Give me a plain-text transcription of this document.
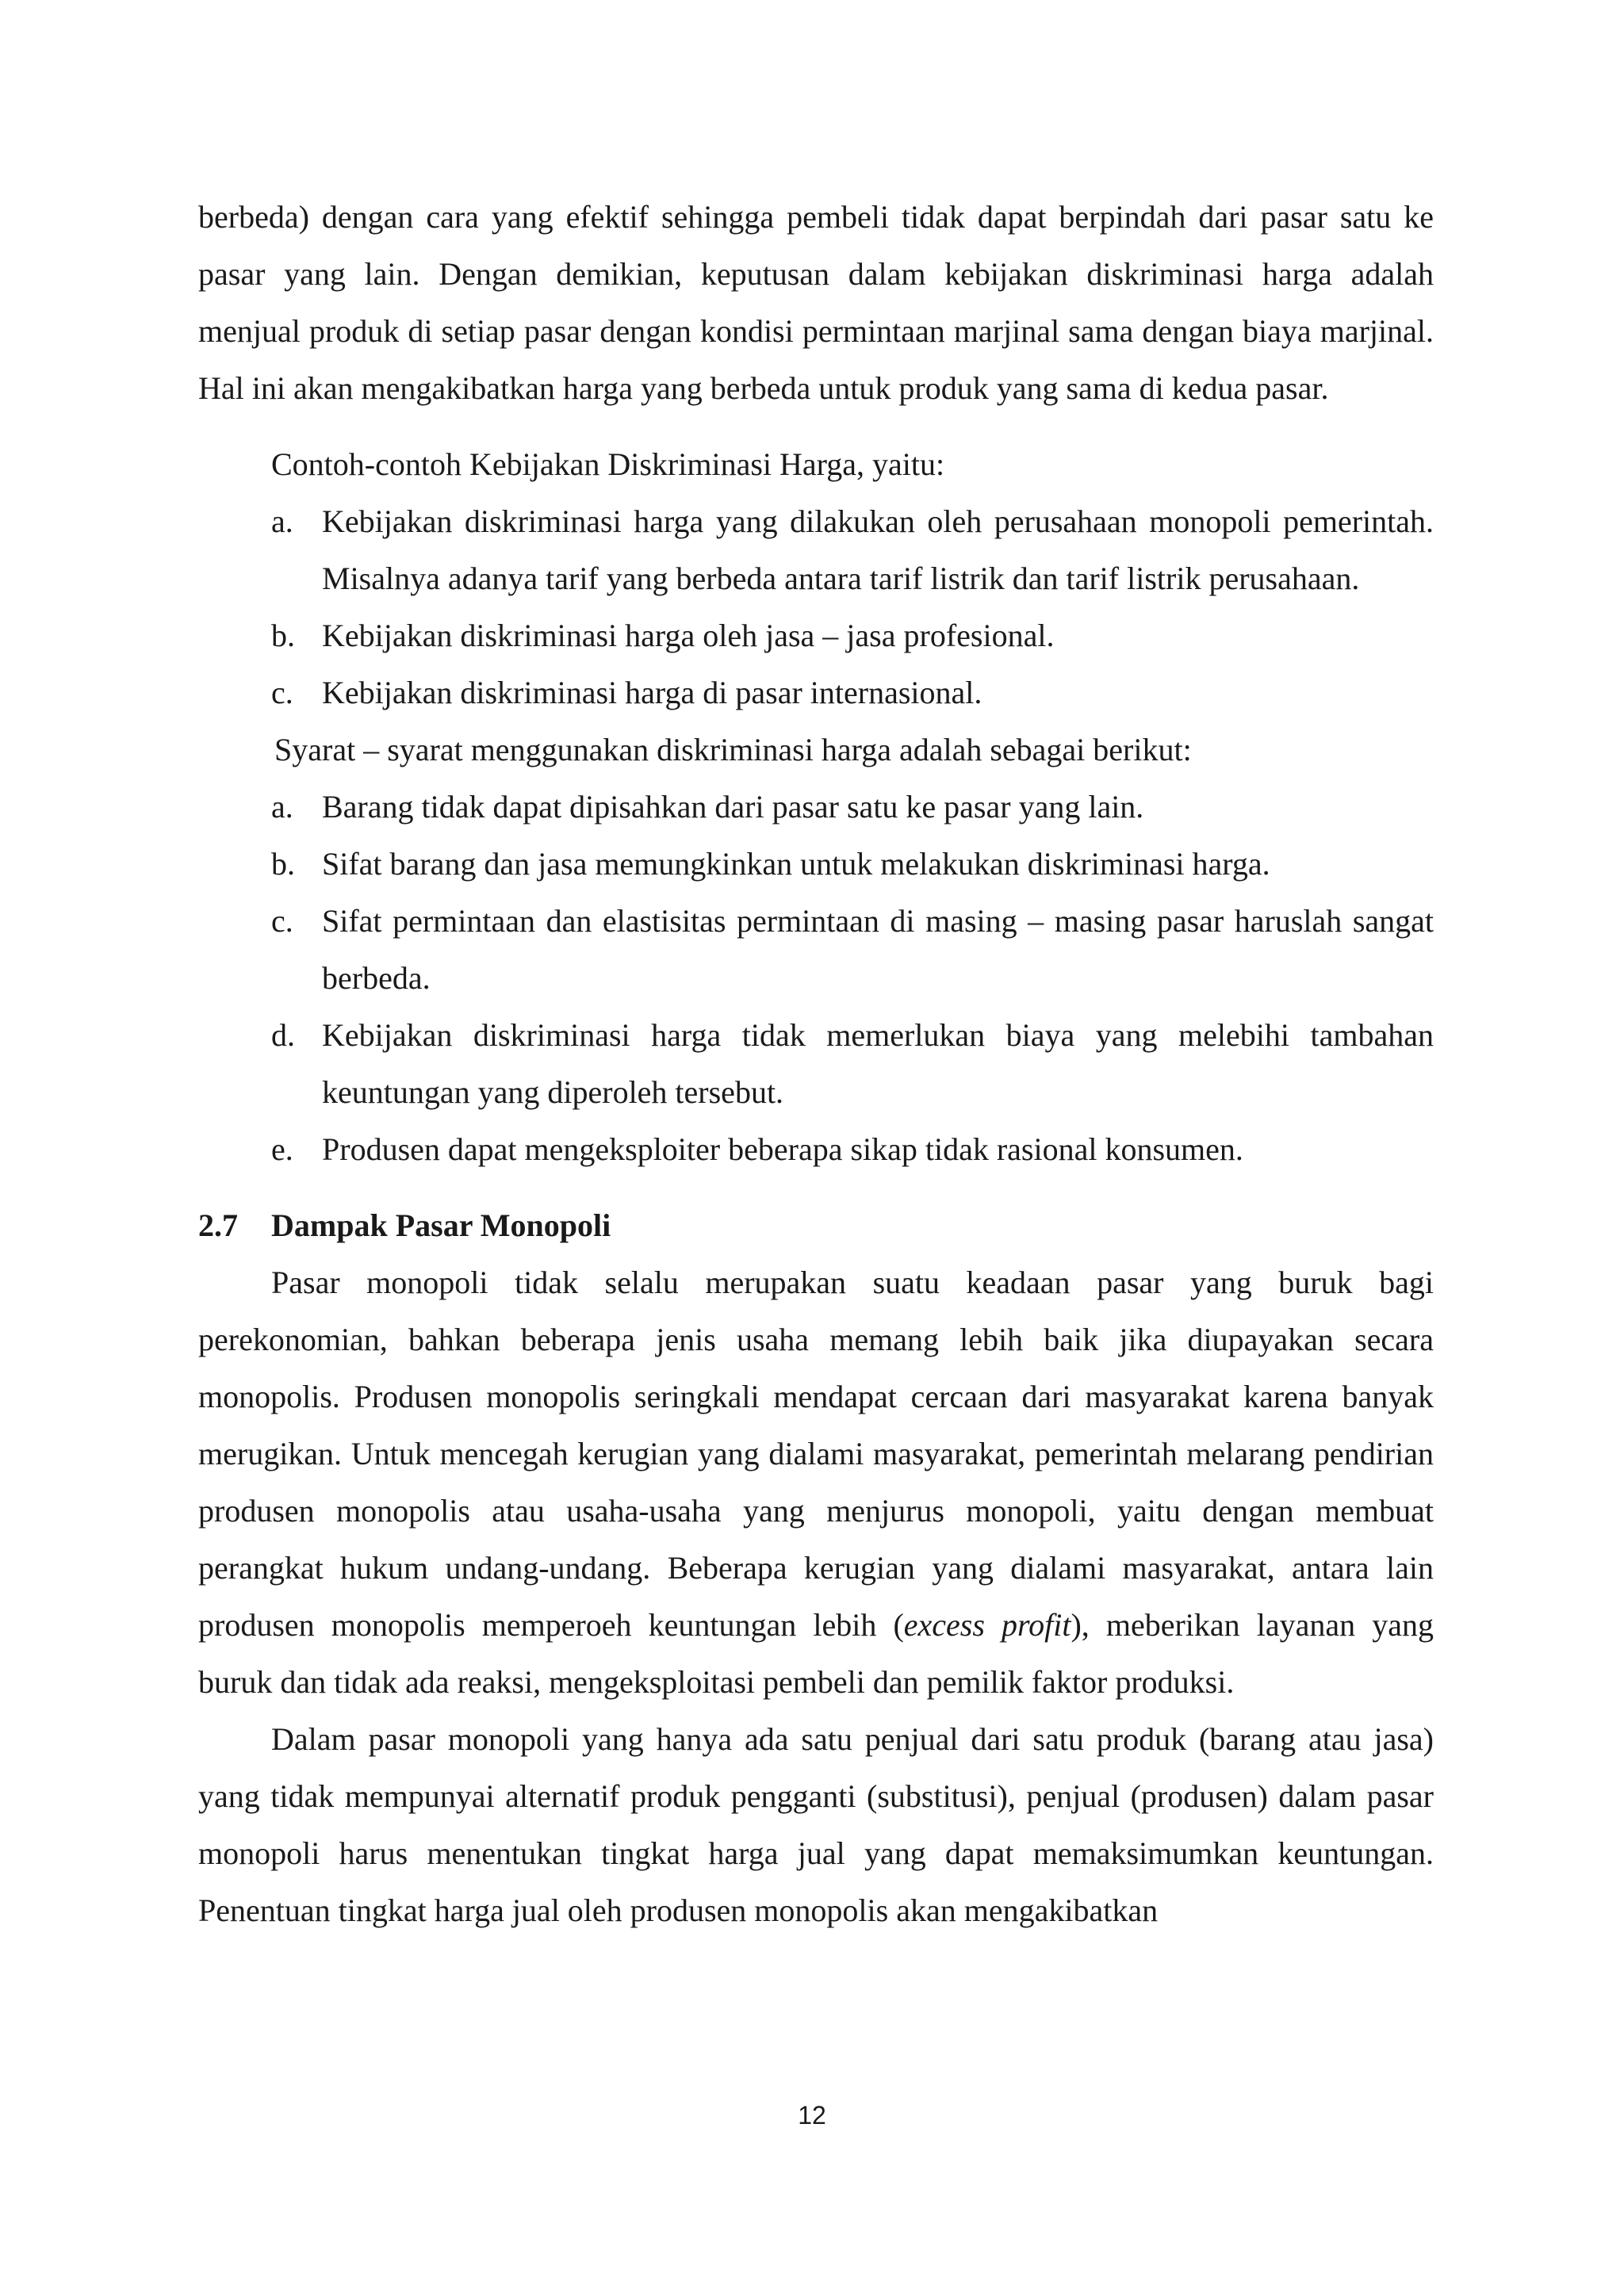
berbeda) dengan cara yang efektif sehingga pembeli tidak dapat berpindah dari pasar satu ke pasar yang lain. Dengan demikian, keputusan dalam kebijakan diskriminasi harga adalah menjual produk di setiap pasar dengan kondisi permintaan marjinal sama dengan biaya marjinal. Hal ini akan mengakibatkan harga yang berbeda untuk produk yang sama di kedua pasar.

Contoh-contoh Kebijakan Diskriminasi Harga, yaitu:

a. Kebijakan diskriminasi harga yang dilakukan oleh perusahaan monopoli pemerintah. Misalnya adanya tarif yang berbeda antara tarif listrik dan tarif listrik perusahaan.
b. Kebijakan diskriminasi harga oleh jasa – jasa profesional.
c. Kebijakan diskriminasi harga di pasar internasional.

Syarat – syarat menggunakan diskriminasi harga adalah sebagai berikut:

a. Barang tidak dapat dipisahkan dari pasar satu ke pasar yang lain.
b. Sifat barang dan jasa memungkinkan untuk melakukan diskriminasi harga.
c. Sifat permintaan dan elastisitas permintaan di masing – masing pasar haruslah sangat berbeda.
d. Kebijakan diskriminasi harga tidak memerlukan biaya yang melebihi tambahan keuntungan yang diperoleh tersebut.
e. Produsen dapat mengeksploiter beberapa sikap tidak rasional konsumen.

2.7 Dampak Pasar Monopoli

Pasar monopoli tidak selalu merupakan suatu keadaan pasar yang buruk bagi perekonomian, bahkan beberapa jenis usaha memang lebih baik jika diupayakan secara monopolis. Produsen monopolis seringkali mendapat cercaan dari masyarakat karena banyak merugikan. Untuk mencegah kerugian yang dialami masyarakat, pemerintah melarang pendirian produsen monopolis atau usaha-usaha yang menjurus monopoli, yaitu dengan membuat perangkat hukum undang-undang. Beberapa kerugian yang dialami masyarakat, antara lain produsen monopolis memperoeh keuntungan lebih (excess profit), meberikan layanan yang buruk dan tidak ada reaksi, mengeksploitasi pembeli dan pemilik faktor produksi.

Dalam pasar monopoli yang hanya ada satu penjual dari satu produk (barang atau jasa) yang tidak mempunyai alternatif produk pengganti (substitusi), penjual (produsen) dalam pasar monopoli harus menentukan tingkat harga jual yang dapat memaksimumkan keuntungan. Penentuan tingkat harga jual oleh produsen monopolis akan mengakibatkan

12
